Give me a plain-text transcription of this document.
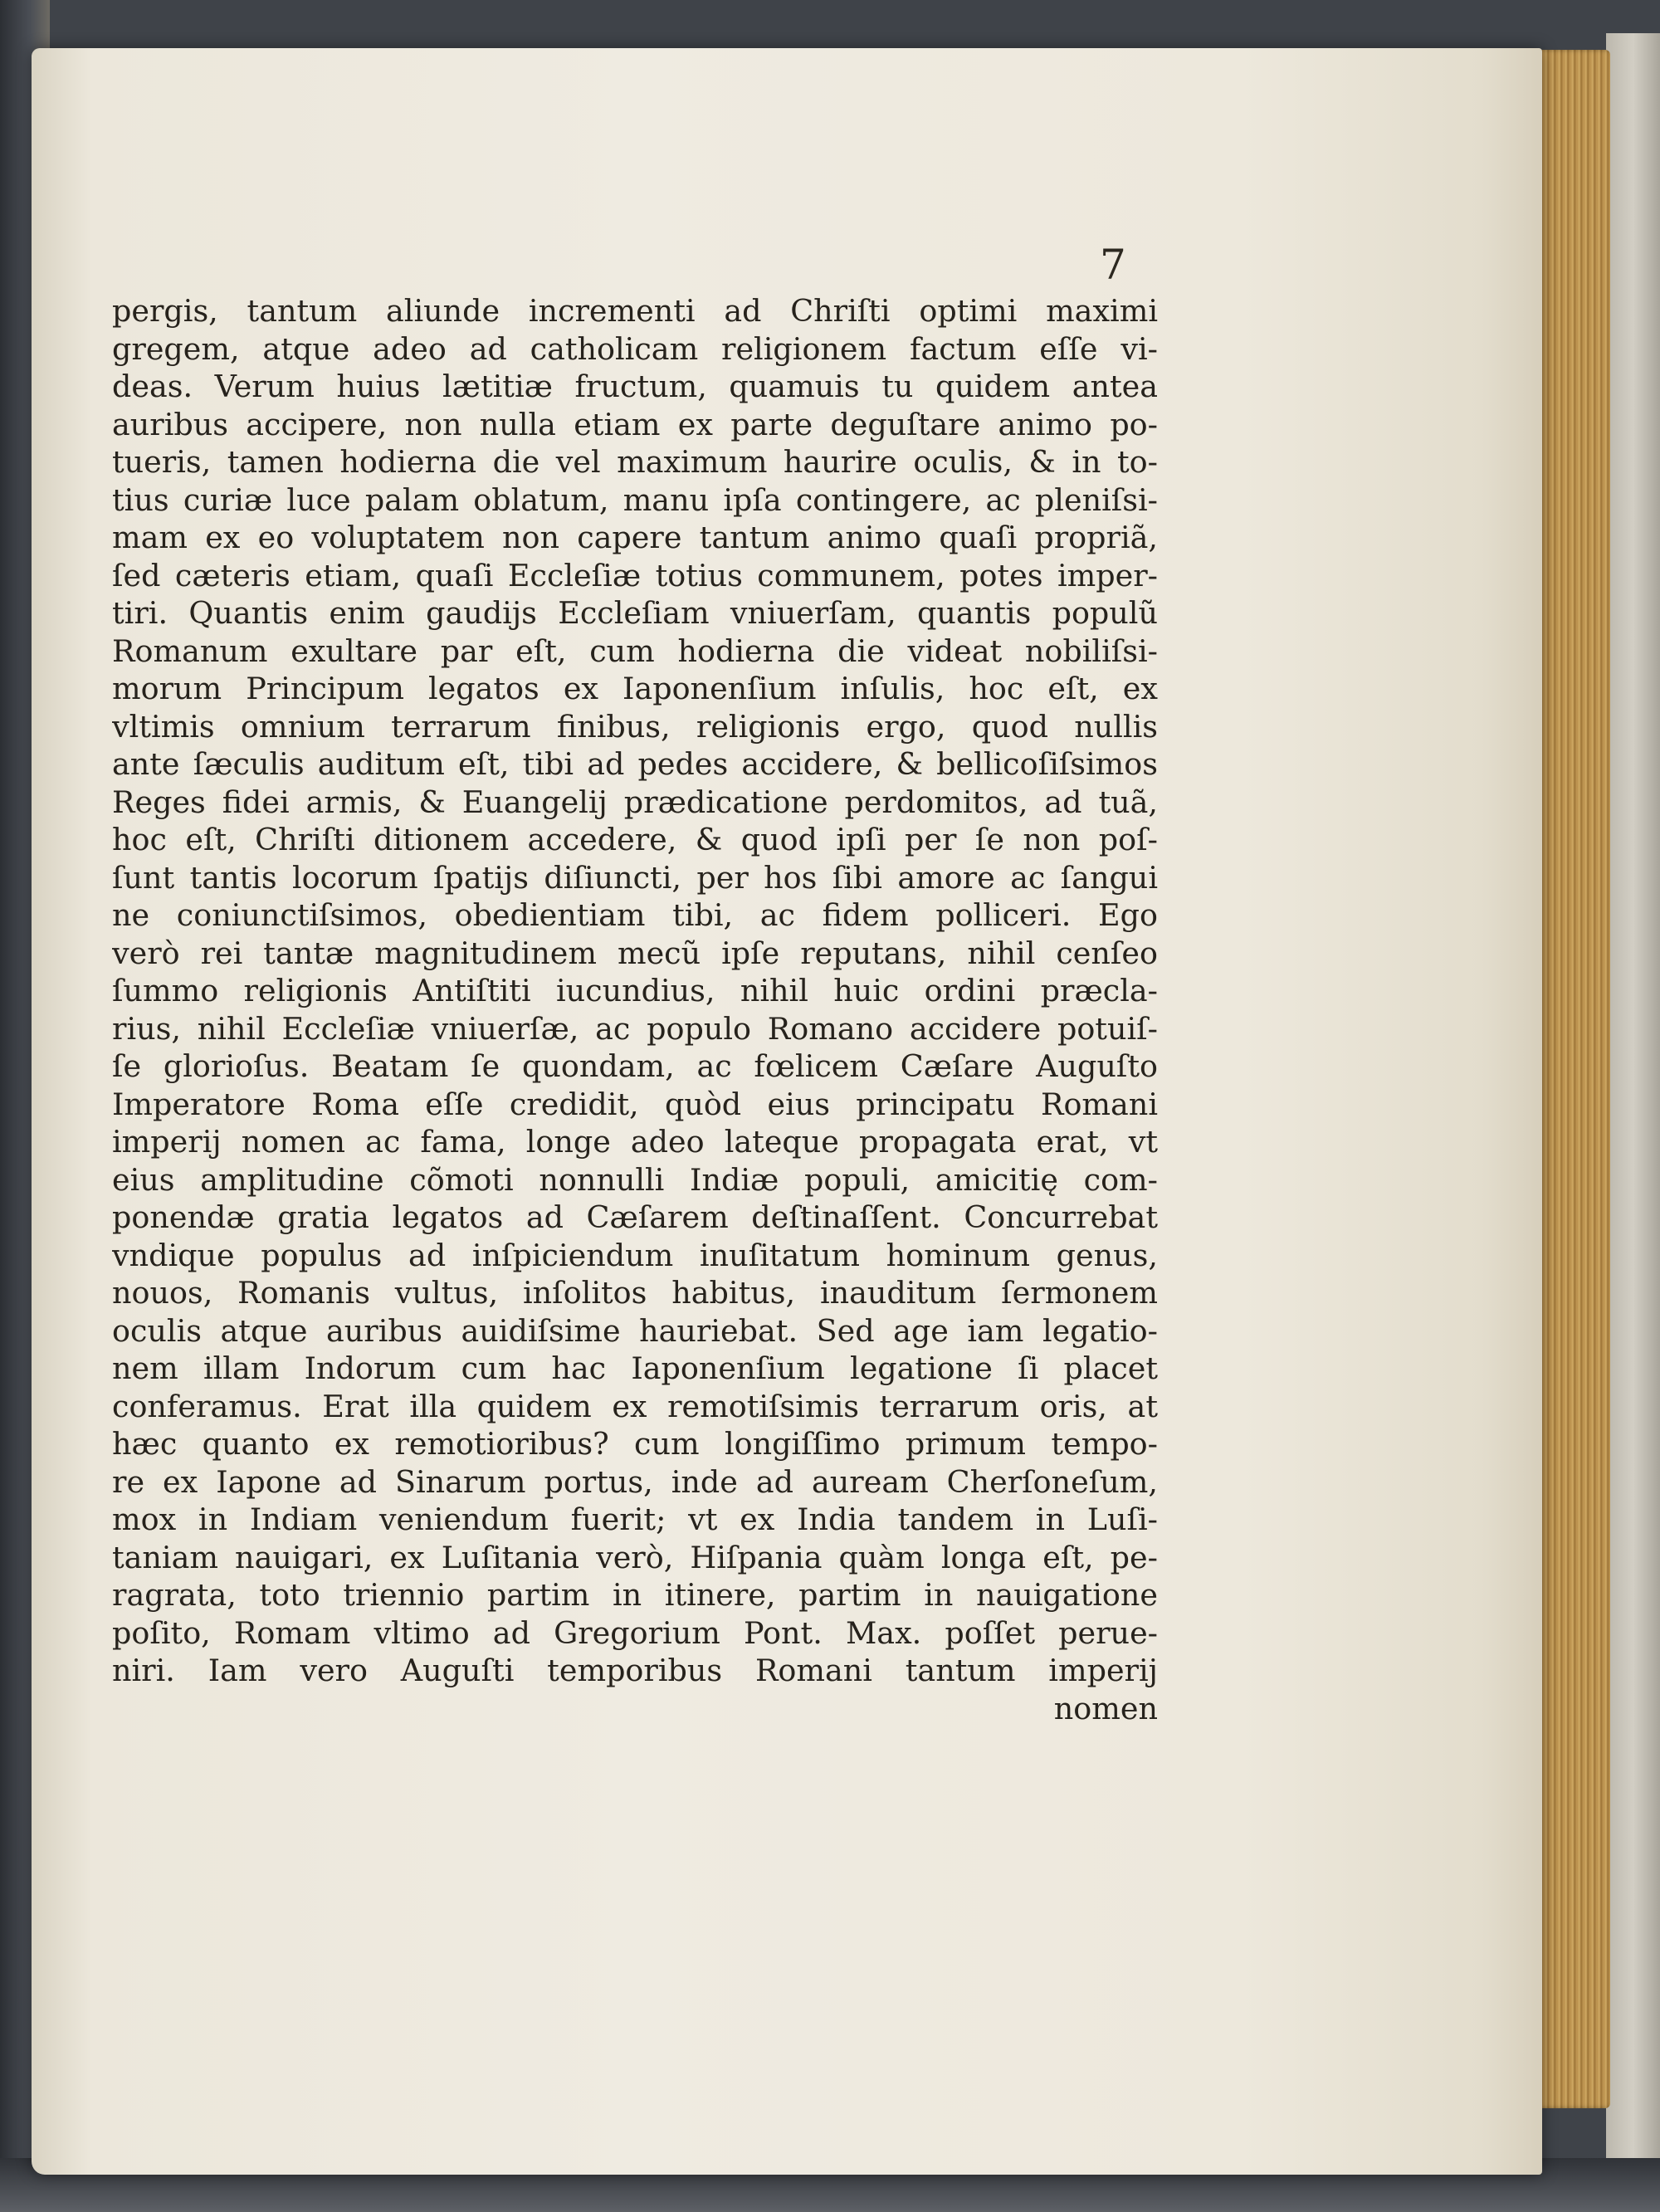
7
pergis, tantum aliunde incrementi ad Chriſti optimi maximi
gregem, atque adeo ad catholicam religionem factum eſſe vi-
deas. Verum huius lætitiæ fructum, quamuis tu quidem antea
auribus accipere, non nulla etiam ex parte deguſtare animo po-
tueris, tamen hodierna die vel maximum haurire oculis, & in to-
tius curiæ luce palam oblatum, manu ipſa contingere, ac pleniſsi-
mam ex eo voluptatem non capere tantum animo quaſi propriã,
ſed cæteris etiam, quaſi Eccleſiæ totius communem, potes imper-
tiri. Quantis enim gaudijs Eccleſiam vniuerſam, quantis populũ
Romanum exultare par eſt, cum hodierna die videat nobiliſsi-
morum Principum legatos ex Iaponenſium inſulis, hoc eſt, ex
vltimis omnium terrarum finibus, religionis ergo, quod nullis
ante ſæculis auditum eſt, tibi ad pedes accidere, & bellicoſiſsimos
Reges fidei armis, & Euangelij prædicatione perdomitos, ad tuã,
hoc eſt, Chriſti ditionem accedere, & quod ipſi per ſe non poſ-
ſunt tantis locorum ſpatijs diſiuncti, per hos ſibi amore ac ſangui
ne coniunctiſsimos, obedientiam tibi, ac fidem polliceri. Ego
verò rei tantæ magnitudinem mecũ ipſe reputans, nihil cenſeo
ſummo religionis Antiſtiti iucundius, nihil huic ordini præcla-
rius, nihil Eccleſiæ vniuerſæ, ac populo Romano accidere potuiſ-
ſe glorioſus. Beatam ſe quondam, ac fœlicem Cæſare Auguſto
Imperatore Roma eſſe credidit, quòd eius principatu Romani
imperij nomen ac fama, longe adeo lateque propagata erat, vt
eius amplitudine cõmoti nonnulli Indiæ populi, amicitię com-
ponendæ gratia legatos ad Cæſarem deſtinaſſent. Concurrebat
vndique populus ad inſpiciendum inuſitatum hominum genus,
nouos, Romanis vultus, inſolitos habitus, inauditum ſermonem
oculis atque auribus auidiſsime hauriebat. Sed age iam legatio-
nem illam Indorum cum hac Iaponenſium legatione ſi placet
conferamus. Erat illa quidem ex remotiſsimis terrarum oris, at
hæc quanto ex remotioribus? cum longiſſimo primum tempo-
re ex Iapone ad Sinarum portus, inde ad auream Cherſoneſum,
mox in Indiam veniendum fuerit; vt ex India tandem in Luſi-
taniam nauigari, ex Luſitania verò, Hiſpania quàm longa eſt, pe-
ragrata, toto triennio partim in itinere, partim in nauigatione
poſito, Romam vltimo ad Gregorium Pont. Max. poſſet perue-
niri. Iam vero Auguſti temporibus Romani tantum imperij
nomen
